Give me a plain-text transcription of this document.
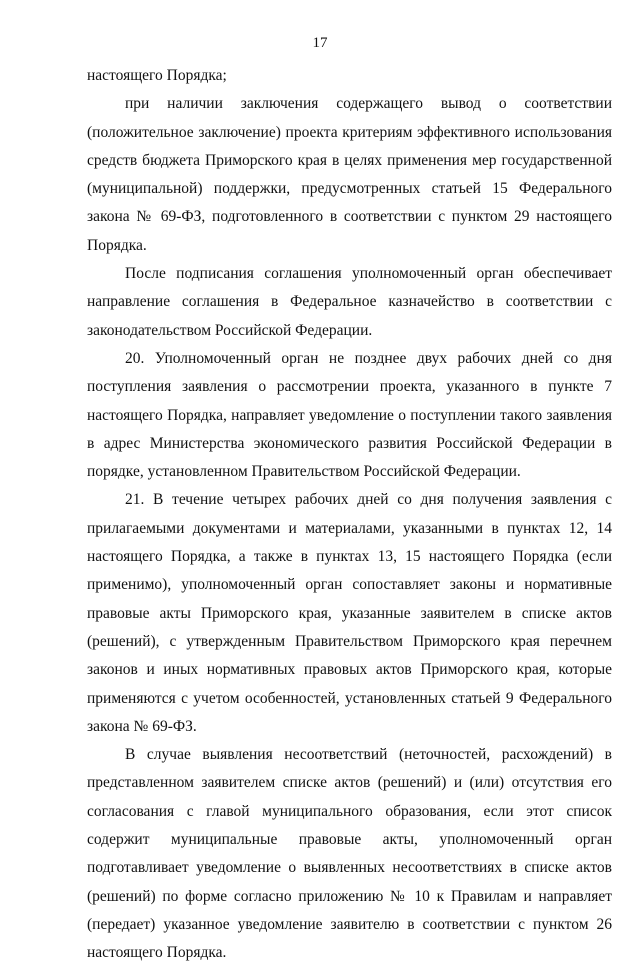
17

настоящего Порядка;

при наличии заключения содержащего вывод о соответствии (положительное заключение) проекта критериям эффективного использования средств бюджета Приморского края в целях применения мер государственной (муниципальной) поддержки, предусмотренных статьей 15 Федерального закона № 69-ФЗ, подготовленного в соответствии с пунктом 29 настоящего Порядка.

После подписания соглашения уполномоченный орган обеспечивает направление соглашения в Федеральное казначейство в соответствии с законодательством Российской Федерации.

20. Уполномоченный орган не позднее двух рабочих дней со дня поступления заявления о рассмотрении проекта, указанного в пункте 7 настоящего Порядка, направляет уведомление о поступлении такого заявления в адрес Министерства экономического развития Российской Федерации в порядке, установленном Правительством Российской Федерации.

21. В течение четырех рабочих дней со дня получения заявления с прилагаемыми документами и материалами, указанными в пунктах 12, 14 настоящего Порядка, а также в пунктах 13, 15 настоящего Порядка (если применимо), уполномоченный орган сопоставляет законы и нормативные правовые акты Приморского края, указанные заявителем в списке актов (решений), с утвержденным Правительством Приморского края перечнем законов и иных нормативных правовых актов Приморского края, которые применяются с учетом особенностей, установленных статьей 9 Федерального закона № 69-ФЗ.

В случае выявления несоответствий (неточностей, расхождений) в представленном заявителем списке актов (решений) и (или) отсутствия его согласования с главой муниципального образования, если этот список содержит муниципальные правовые акты, уполномоченный орган подготавливает уведомление о выявленных несоответствиях в списке актов (решений) по форме согласно приложению № 10 к Правилам и направляет (передает) указанное уведомление заявителю в соответствии с пунктом 26 настоящего Порядка.
